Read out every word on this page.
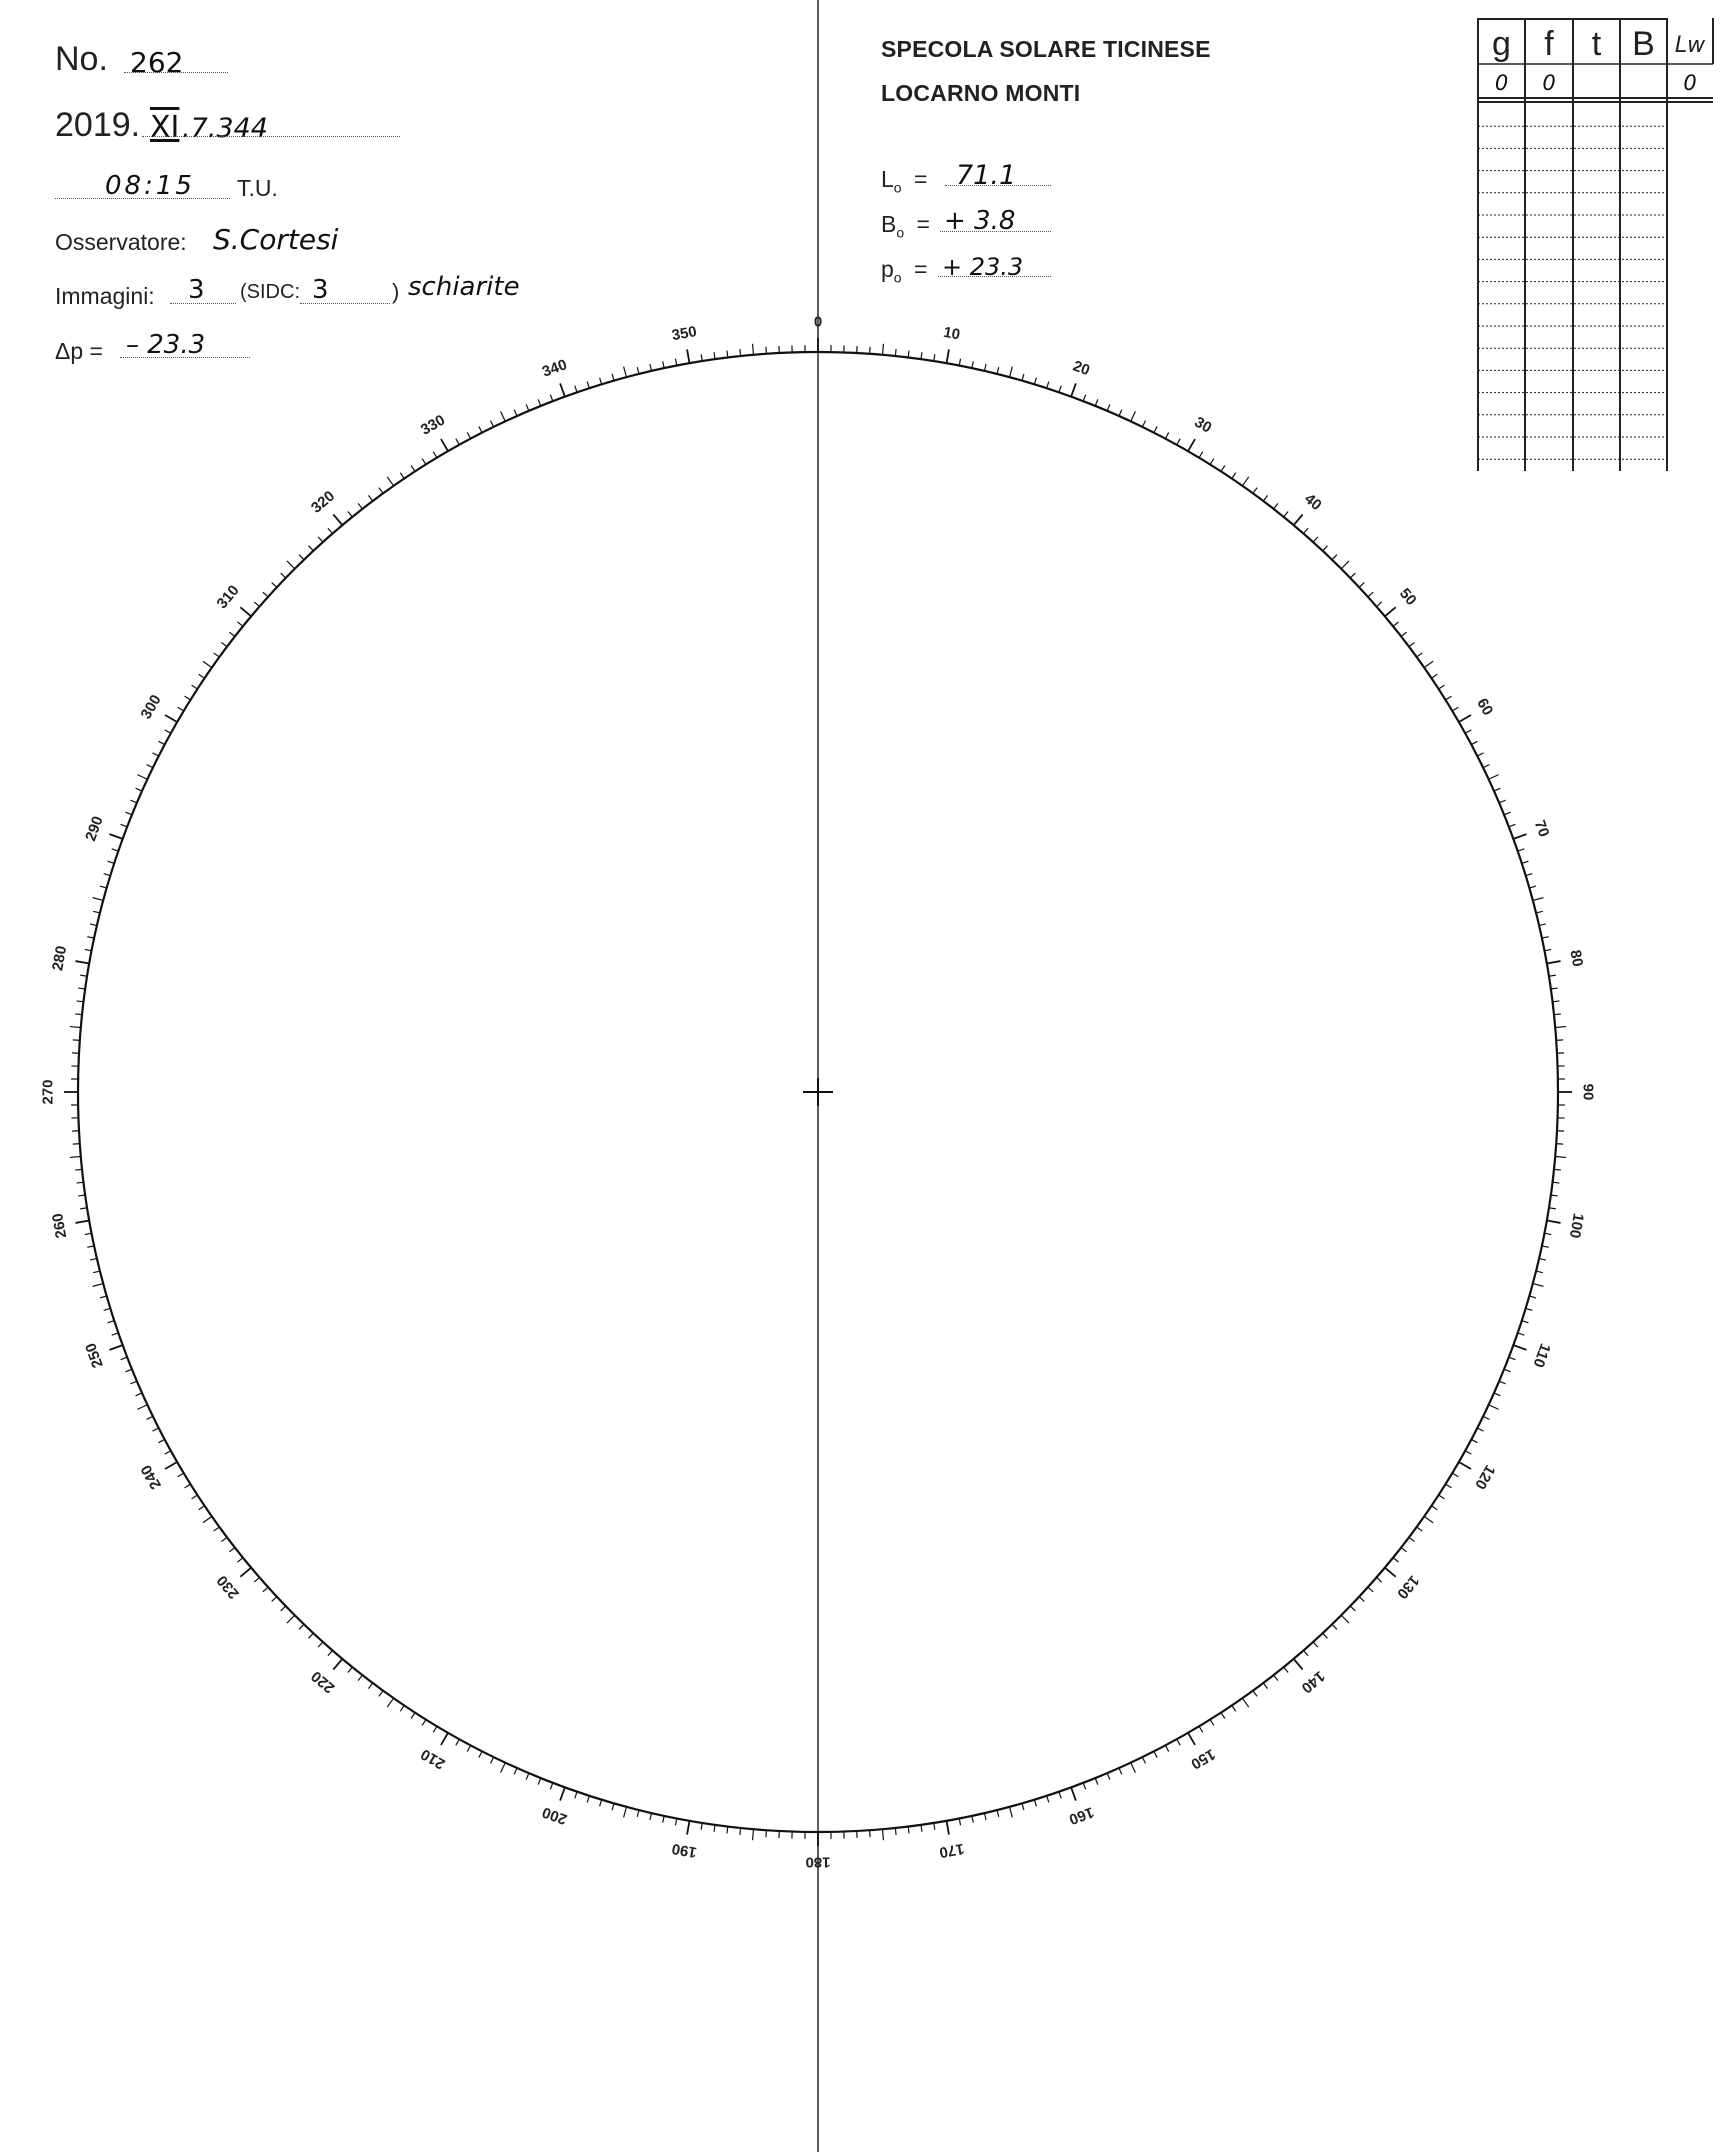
0
10
20
30
40
50
60
70
80
90
100
110
120
130
140
150
160
170
180
190
200
210
220
230
240
250
260
270
280
290
300
310
320
330
340
350
No. 262
2019. XI .7.344
08:15 T.U.
Osservatore: S.Cortesi
Immagini: 3 (SIDC: 3	) schiarite
Δp = – 23.3
SPECOLA SOLARE TICINESE
LOCARNO MONTI
$L_o = 71.1$
$B_o$ = + 3.8
$p_o$ = + 23.3
g f t B Lw
0 0	0
